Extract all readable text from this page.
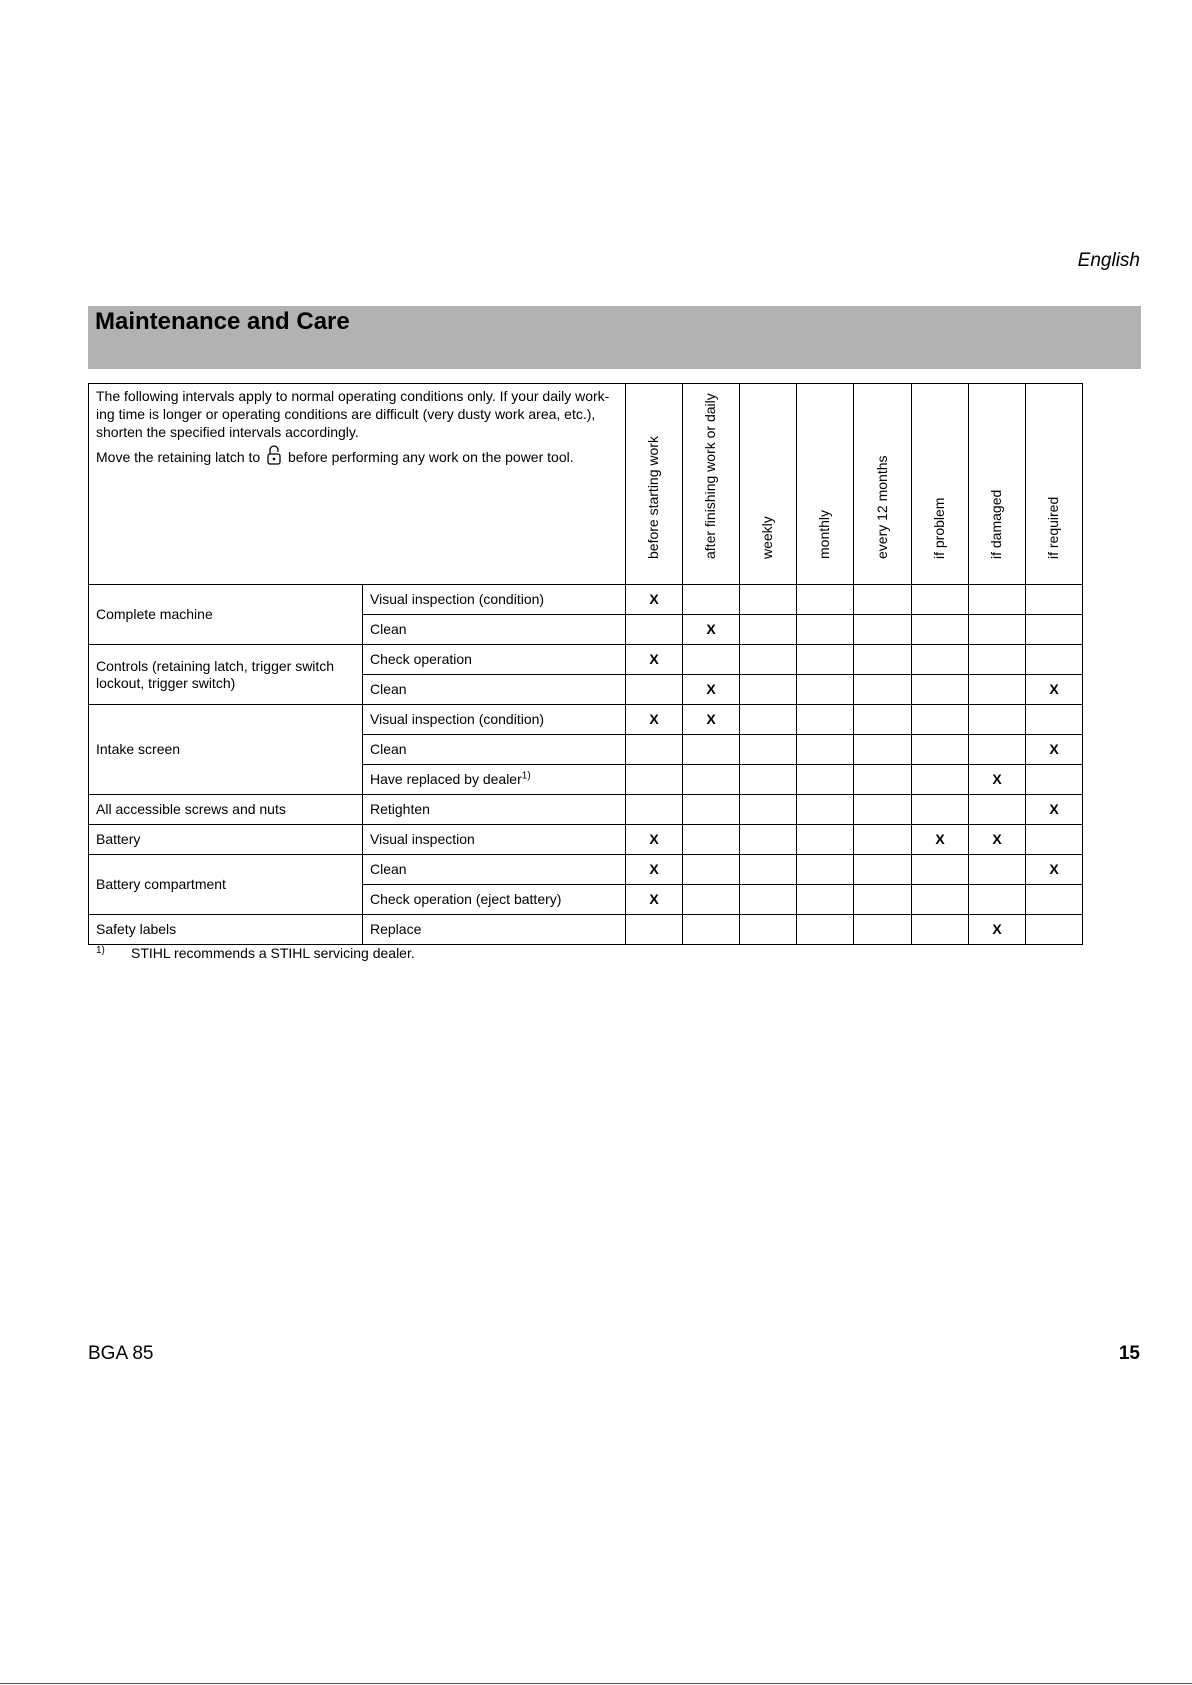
English
Maintenance and Care

The following intervals apply to normal operating conditions only. If your daily work-ing time is longer or operating conditions are difficult (very dusty work area, etc.), shorten the specified intervals accordingly.

Move the retaining latch to before performing any work on the power tool.		before starting work	after finishing work or daily	weekly	monthly	every 12 months	if problem	if damaged	if required

Complete machine	Visual inspection (condition)	X							
	Clean		X						
Controls (retaining latch, trigger switch lockout, trigger switch)	Check operation	X							
	Clean		X						X
Intake screen	Visual inspection (condition)	X	X						
	Clean								X
	Have replaced by dealer$^{1)}$							X	
All accessible screws and nuts	Retighten								X
Battery	Visual inspection	X					X	X	
Battery compartment	Clean	X							X
	Check operation (eject battery)	X							
Safety labels	Replace							X	
$^{1)}$ STIHL recommends a STIHL servicing dealer.
BGA 85	15
